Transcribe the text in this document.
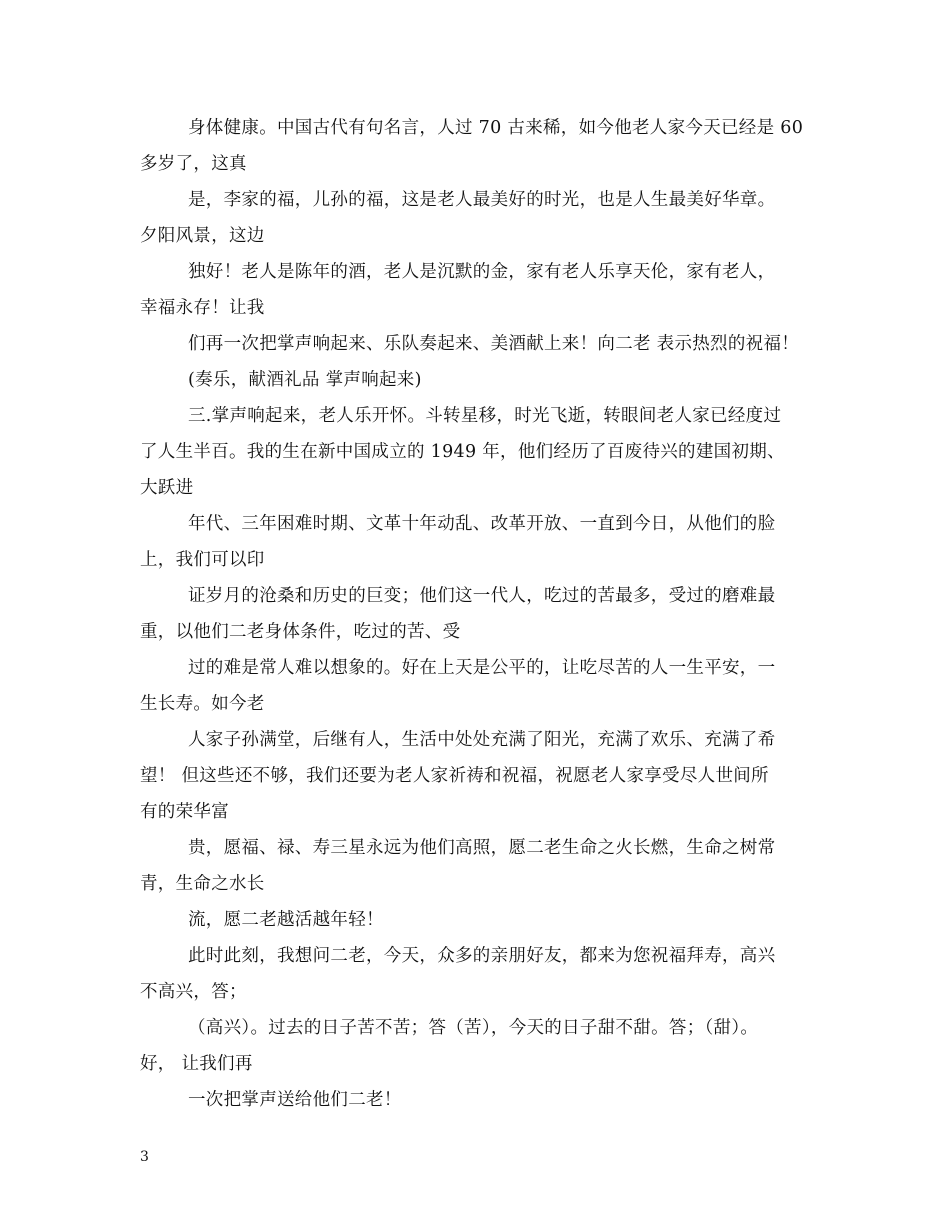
身体健康。中国古代有句名言，人过 70 古来稀，如今他老人家今天已经是 60
多岁了，这真
是，李家的福，儿孙的福，这是老人最美好的时光，也是人生最美好华章。
夕阳风景，这边
独好！老人是陈年的酒，老人是沉默的金，家有老人乐享天伦，家有老人，
幸福永存！让我
们再一次把掌声响起来、乐队奏起来、美酒献上来！向二老 表示热烈的祝福！
(奏乐，献酒礼品 掌声响起来)
三.掌声响起来，老人乐开怀。斗转星移，时光飞逝，转眼间老人家已经度过
了人生半百。我的生在新中国成立的 1949 年，他们经历了百废待兴的建国初期、
大跃进
年代、三年困难时期、文革十年动乱、改革开放、一直到今日，从他们的脸
上，我们可以印
证岁月的沧桑和历史的巨变；他们这一代人，吃过的苦最多，受过的磨难最
重，以他们二老身体条件，吃过的苦、受
过的难是常人难以想象的。好在上天是公平的，让吃尽苦的人一生平安，一
生长寿。如今老
人家子孙满堂，后继有人，生活中处处充满了阳光，充满了欢乐、充满了希
望！ 但这些还不够，我们还要为老人家祈祷和祝福，祝愿老人家享受尽人世间所
有的荣华富
贵，愿福、禄、寿三星永远为他们高照，愿二老生命之火长燃，生命之树常
青，生命之水长
流，愿二老越活越年轻！
此时此刻，我想问二老，今天，众多的亲朋好友，都来为您祝福拜寿，高兴
不高兴，答；
（高兴）。过去的日子苦不苦；答（苦），今天的日子甜不甜。答；（甜）。
好， 让我们再
一次把掌声送给他们二老！
3
